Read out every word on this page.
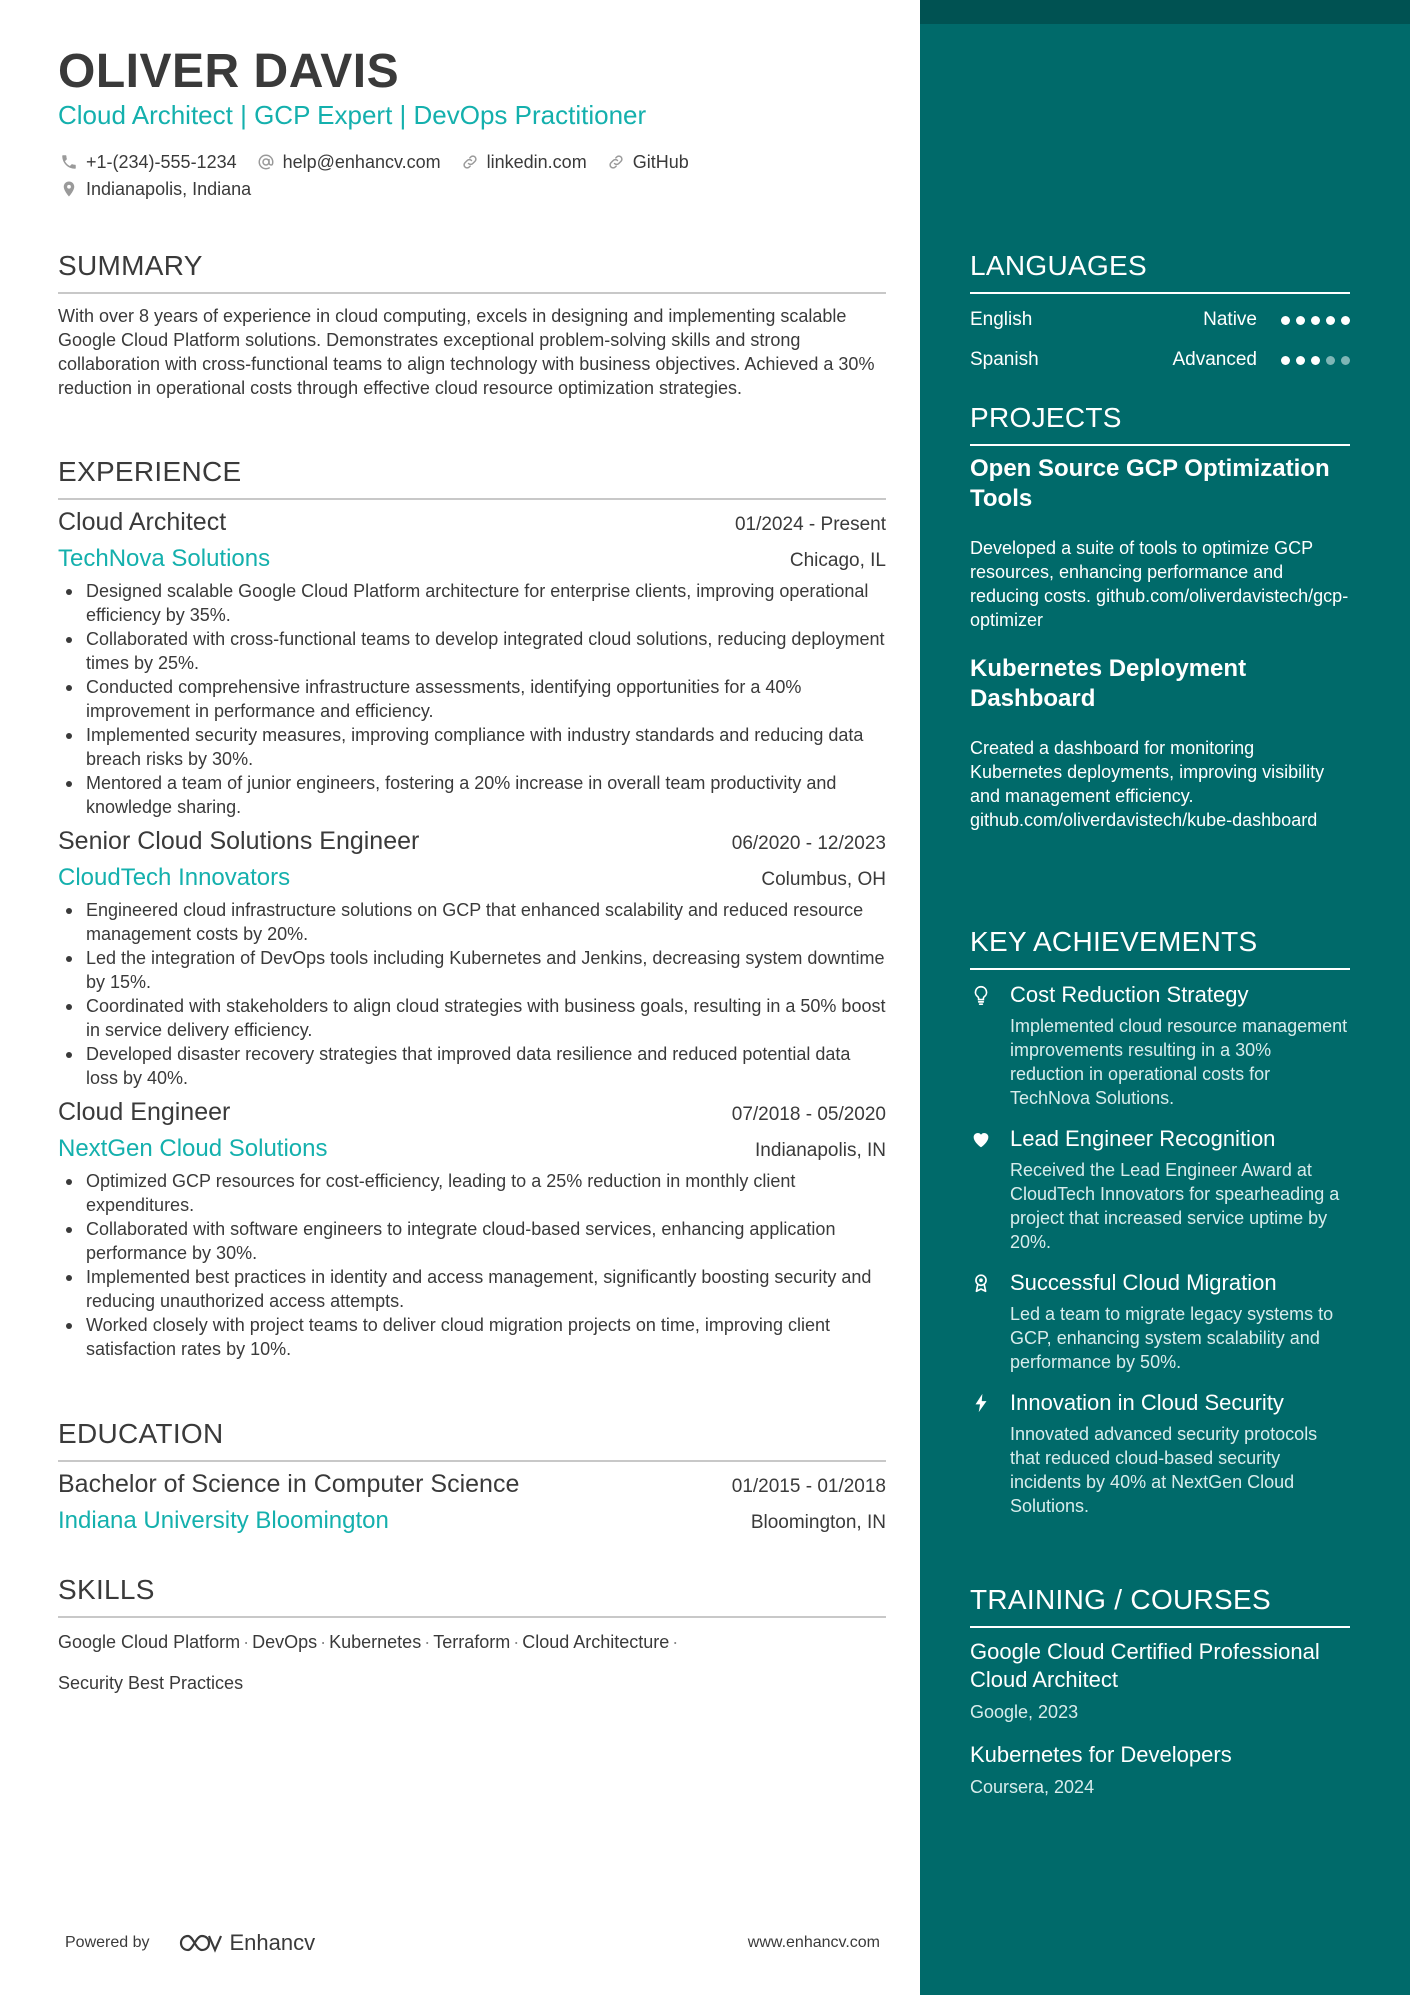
OLIVER DAVIS
Cloud Architect | GCP Expert | DevOps Practitioner
+1-(234)-555-1234	help@enhancv.com	linkedin.com	GitHub
Indianapolis, Indiana
SUMMARY
With over 8 years of experience in cloud computing, excels in designing and implementing scalable Google Cloud Platform solutions. Demonstrates exceptional problem-solving skills and strong collaboration with cross-functional teams to align technology with business objectives. Achieved a 30% reduction in operational costs through effective cloud resource optimization strategies.
EXPERIENCE
Cloud Architect	01/2024 - Present
TechNova Solutions	Chicago, IL
Designed scalable Google Cloud Platform architecture for enterprise clients, improving operational efficiency by 35%.
Collaborated with cross-functional teams to develop integrated cloud solutions, reducing deployment times by 25%.
Conducted comprehensive infrastructure assessments, identifying opportunities for a 40% improvement in performance and efficiency.
Implemented security measures, improving compliance with industry standards and reducing data breach risks by 30%.
Mentored a team of junior engineers, fostering a 20% increase in overall team productivity and knowledge sharing.
Senior Cloud Solutions Engineer	06/2020 - 12/2023
CloudTech Innovators	Columbus, OH
Engineered cloud infrastructure solutions on GCP that enhanced scalability and reduced resource management costs by 20%.
Led the integration of DevOps tools including Kubernetes and Jenkins, decreasing system downtime by 15%.
Coordinated with stakeholders to align cloud strategies with business goals, resulting in a 50% boost in service delivery efficiency.
Developed disaster recovery strategies that improved data resilience and reduced potential data loss by 40%.
Cloud Engineer	07/2018 - 05/2020
NextGen Cloud Solutions	Indianapolis, IN
Optimized GCP resources for cost-efficiency, leading to a 25% reduction in monthly client expenditures.
Collaborated with software engineers to integrate cloud-based services, enhancing application performance by 30%.
Implemented best practices in identity and access management, significantly boosting security and reducing unauthorized access attempts.
Worked closely with project teams to deliver cloud migration projects on time, improving client satisfaction rates by 10%.
EDUCATION
Bachelor of Science in Computer Science	01/2015 - 01/2018
Indiana University Bloomington	Bloomington, IN
SKILLS
Google Cloud Platform · DevOps · Kubernetes · Terraform · Cloud Architecture ·
Security Best Practices
Powered by	Enhancv	www.enhancv.com
LANGUAGES
English	Native
Spanish	Advanced
PROJECTS
Open Source GCP Optimization Tools
Developed a suite of tools to optimize GCP resources, enhancing performance and reducing costs. github.com/oliverdavistech/gcp-optimizer
Kubernetes Deployment Dashboard
Created a dashboard for monitoring Kubernetes deployments, improving visibility and management efficiency. github.com/oliverdavistech/kube-dashboard
KEY ACHIEVEMENTS
Cost Reduction Strategy
Implemented cloud resource management improvements resulting in a 30% reduction in operational costs for TechNova Solutions.
Lead Engineer Recognition
Received the Lead Engineer Award at CloudTech Innovators for spearheading a project that increased service uptime by 20%.
Successful Cloud Migration
Led a team to migrate legacy systems to GCP, enhancing system scalability and performance by 50%.
Innovation in Cloud Security
Innovated advanced security protocols that reduced cloud-based security incidents by 40% at NextGen Cloud Solutions.
TRAINING / COURSES
Google Cloud Certified Professional Cloud Architect
Google, 2023
Kubernetes for Developers
Coursera, 2024
